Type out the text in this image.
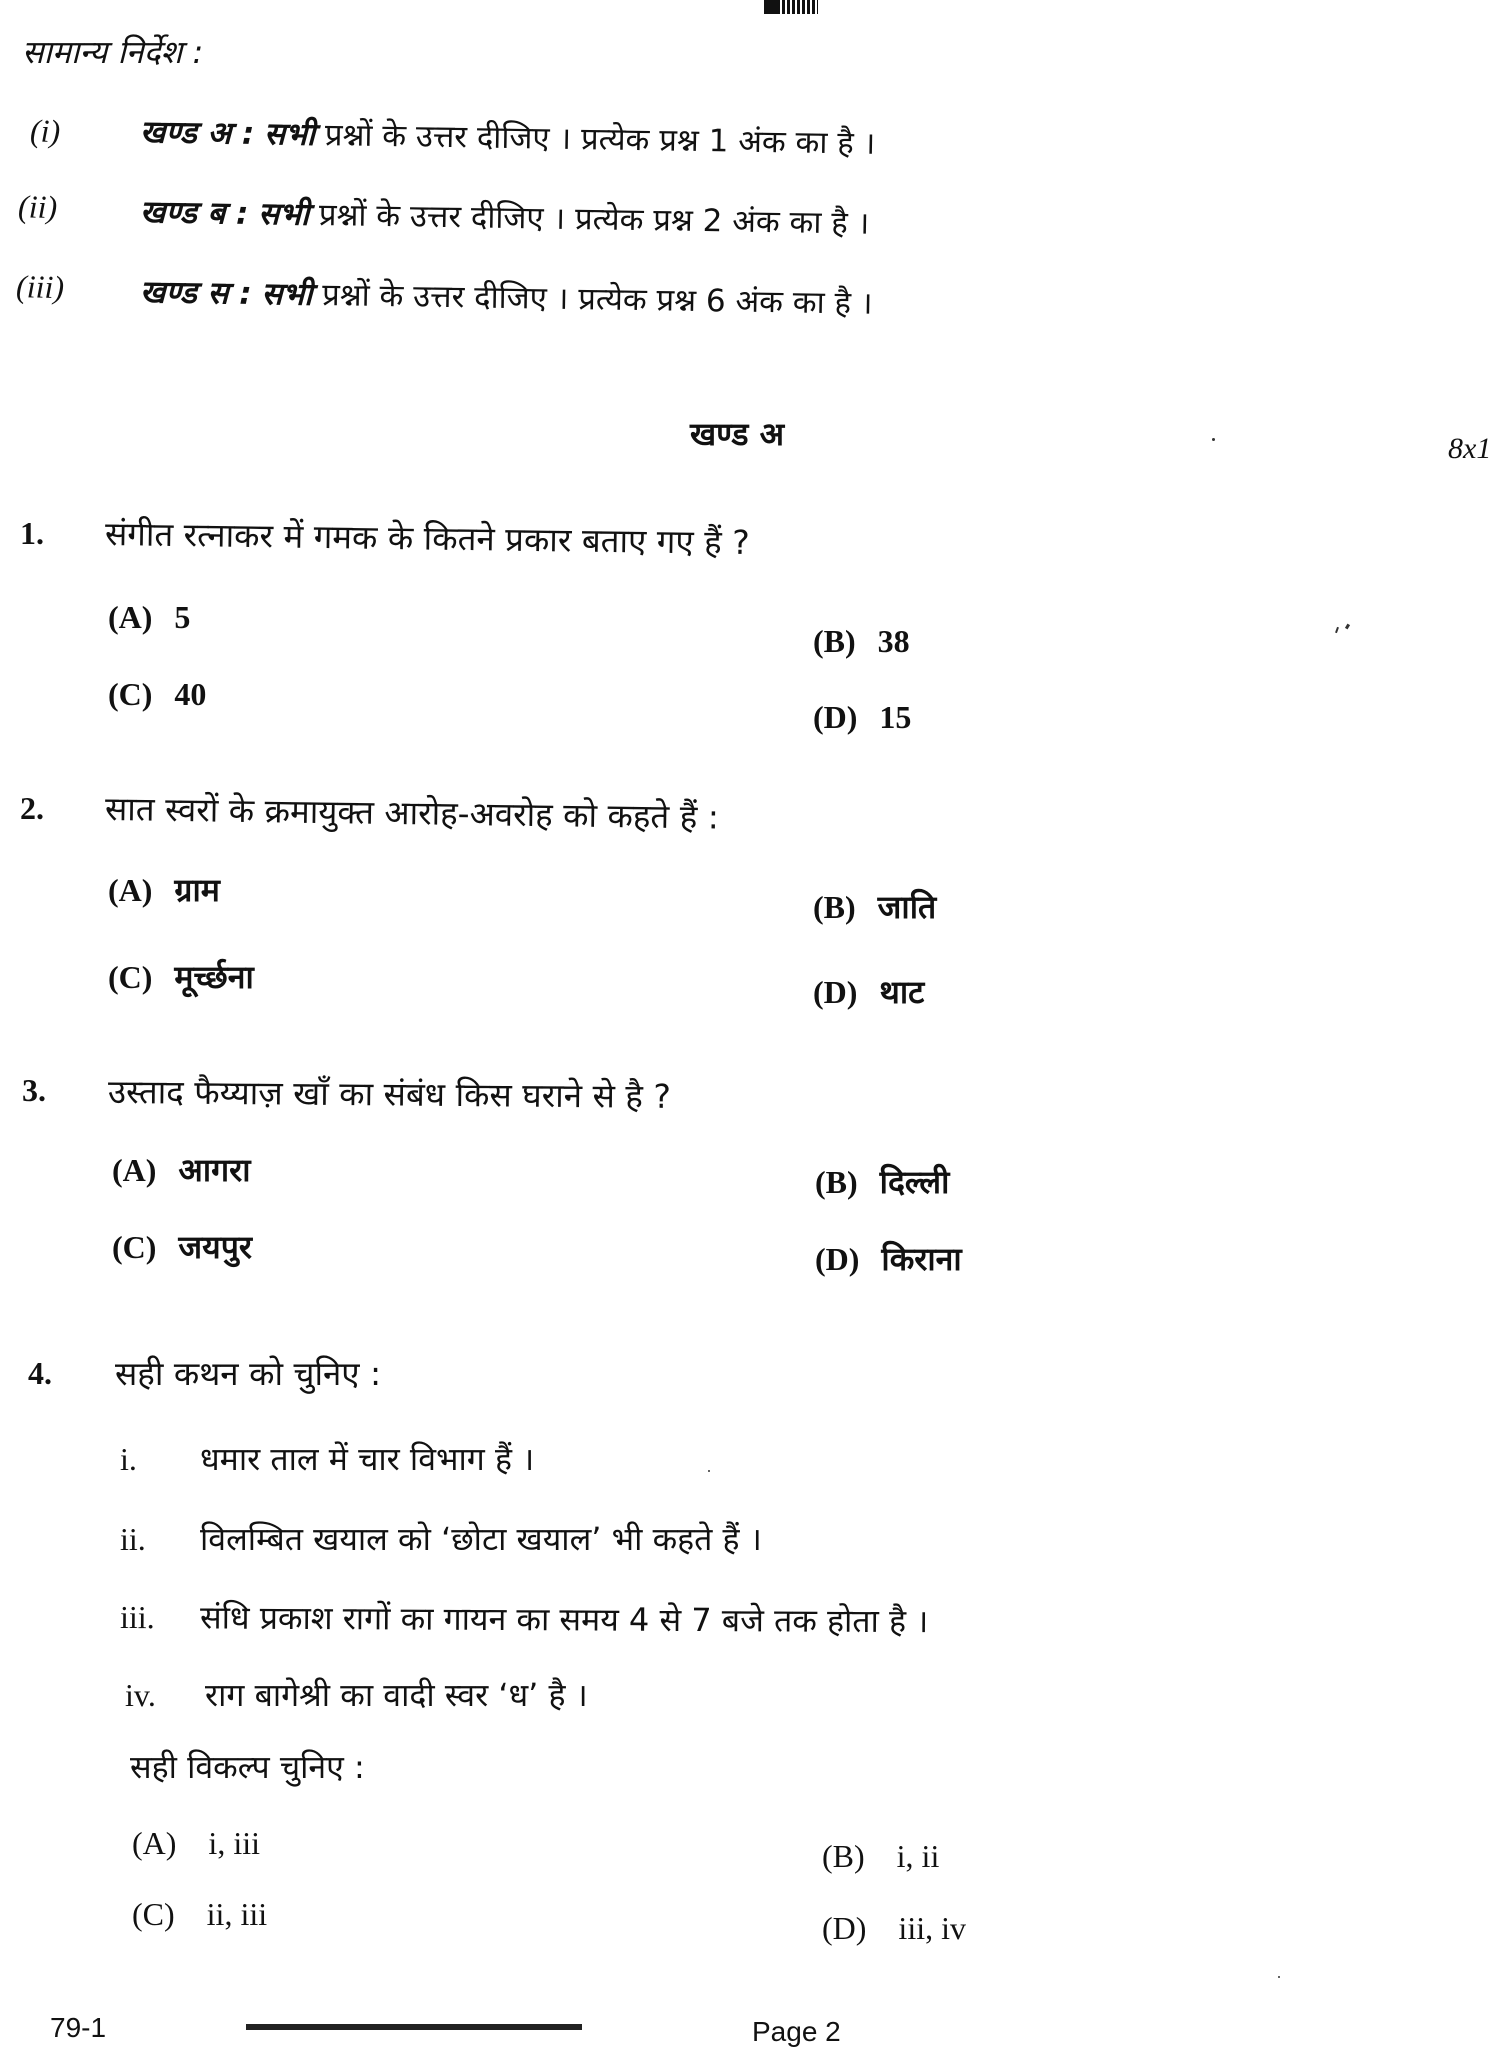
सामान्य निर्देश :
(i)	खण्ड अ : सभी प्रश्नों के उत्तर दीजिए । प्रत्येक प्रश्न 1 अंक का है ।
(ii)	खण्ड ब : सभी प्रश्नों के उत्तर दीजिए । प्रत्येक प्रश्न 2 अंक का है ।
(iii) खण्ड स : सभी प्रश्नों के उत्तर दीजिए । प्रत्येक प्रश्न 6 अंक का है ।
खण्ड अ	8x1
1. संगीत रत्नाकर में गमक के कितने प्रकार बताए गए हैं ?
(A) 5
(B) 38
(C) 40
(D) 15
2. सात स्वरों के क्रमायुक्त आरोह-अवरोह को कहते हैं :
(A) ग्राम	(B) जाति
(C) मूर्च्छना	(D) थाट
3. उस्ताद फैय्याज़ खाँ का संबंध किस घराने से है ?
(A) आगरा	(B) दिल्ली
(C) जयपुर	(D) किराना
4. सही कथन को चुनिए :
i. धमार ताल में चार विभाग हैं ।
ii. विलम्बित खयाल को ‘छोटा खयाल’ भी कहते हैं ।
iii. संधि प्रकाश रागों का गायन का समय 4 से 7 बजे तक होता है ।
iv. राग बागेश्री का वादी स्वर ‘ध’ है ।
सही विकल्प चुनिए :
(A) i, iii	(B) i, ii
(C) ii, iii	(D) iii, iv
79-1	Page 2
